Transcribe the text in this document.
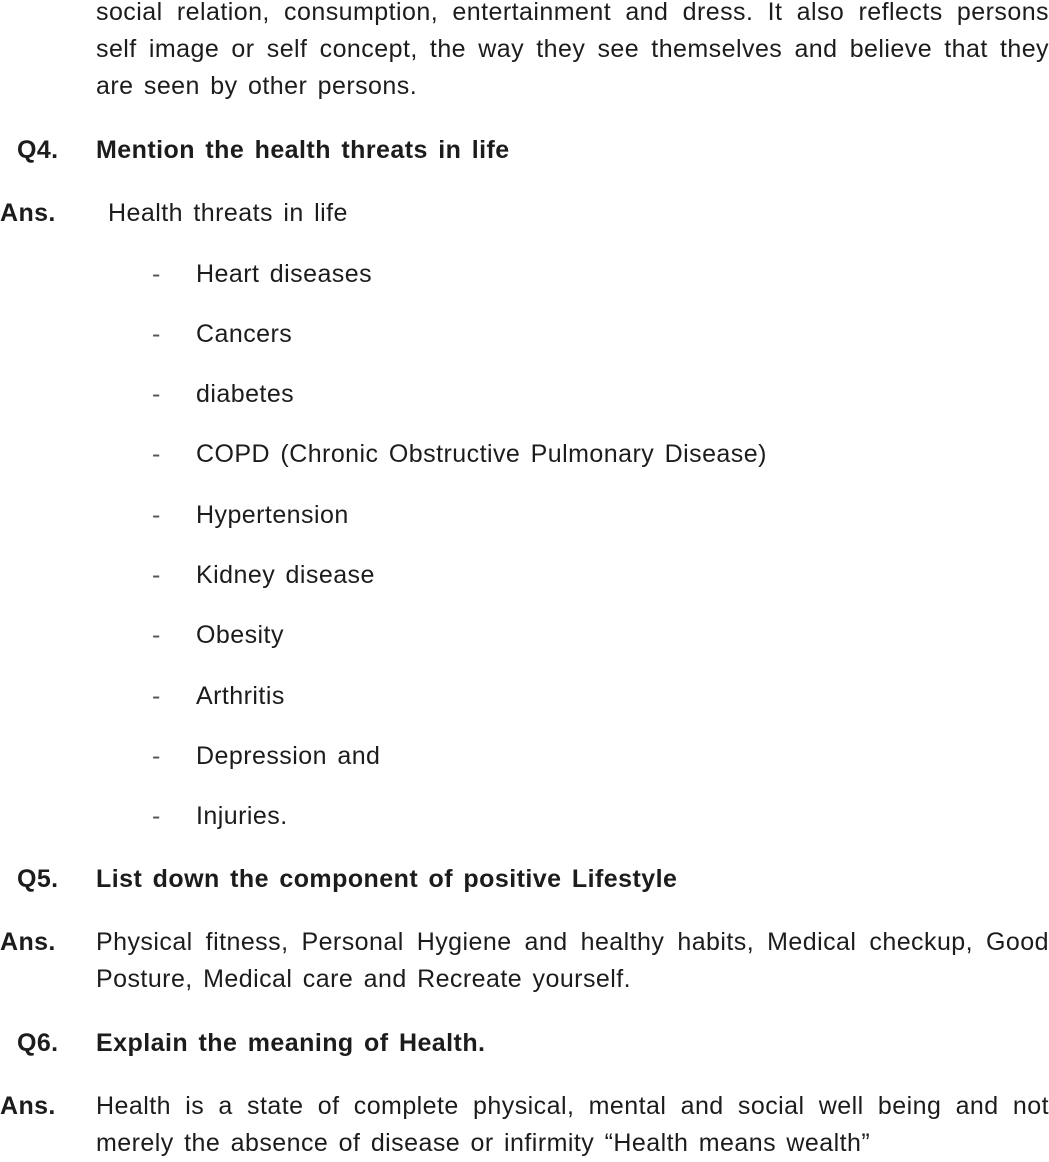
social relation, consumption, entertainment and dress. It also reflects persons self image or self concept, the way they see themselves and believe that they are seen by other persons.

Q4. Mention the health threats in life
Ans. Health threats in life
- Heart diseases
- Cancers
- diabetes
- COPD (Chronic Obstructive Pulmonary Disease)
- Hypertension
- Kidney disease
- Obesity
- Arthritis
- Depression and
- Injuries.
Q5. List down the component of positive Lifestyle
Ans. Physical fitness, Personal Hygiene and healthy habits, Medical checkup, Good Posture, Medical care and Recreate yourself.

Q6. Explain the meaning of Health.
Ans. Health is a state of complete physical, mental and social well being and not merely the absence of disease or infirmity “Health means wealth”
